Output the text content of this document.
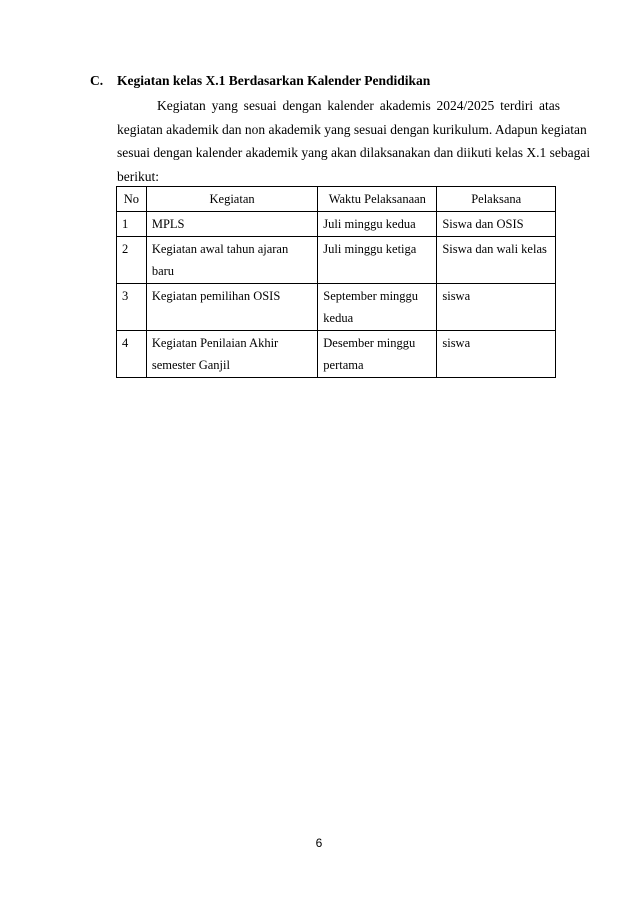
C. Kegiatan kelas X.1 Berdasarkan Kalender Pendidikan
Kegiatan yang sesuai dengan kalender akademis 2024/2025 terdiri atas
kegiatan akademik dan non akademik yang sesuai dengan kurikulum. Adapun kegiatan
sesuai dengan kalender akademik yang akan dilaksanakan dan diikuti kelas X.1 sebagai
berikut:
No	Kegiatan	Waktu Pelaksanaan	Pelaksana
1	MPLS	Juli minggu kedua	Siswa dan OSIS
2	Kegiatan awal tahun ajaran baru	Juli minggu ketiga	Siswa dan wali kelas
3	Kegiatan pemilihan OSIS	September minggu kedua	siswa
4	Kegiatan Penilaian Akhir semester Ganjil	Desember minggu pertama	siswa
6
